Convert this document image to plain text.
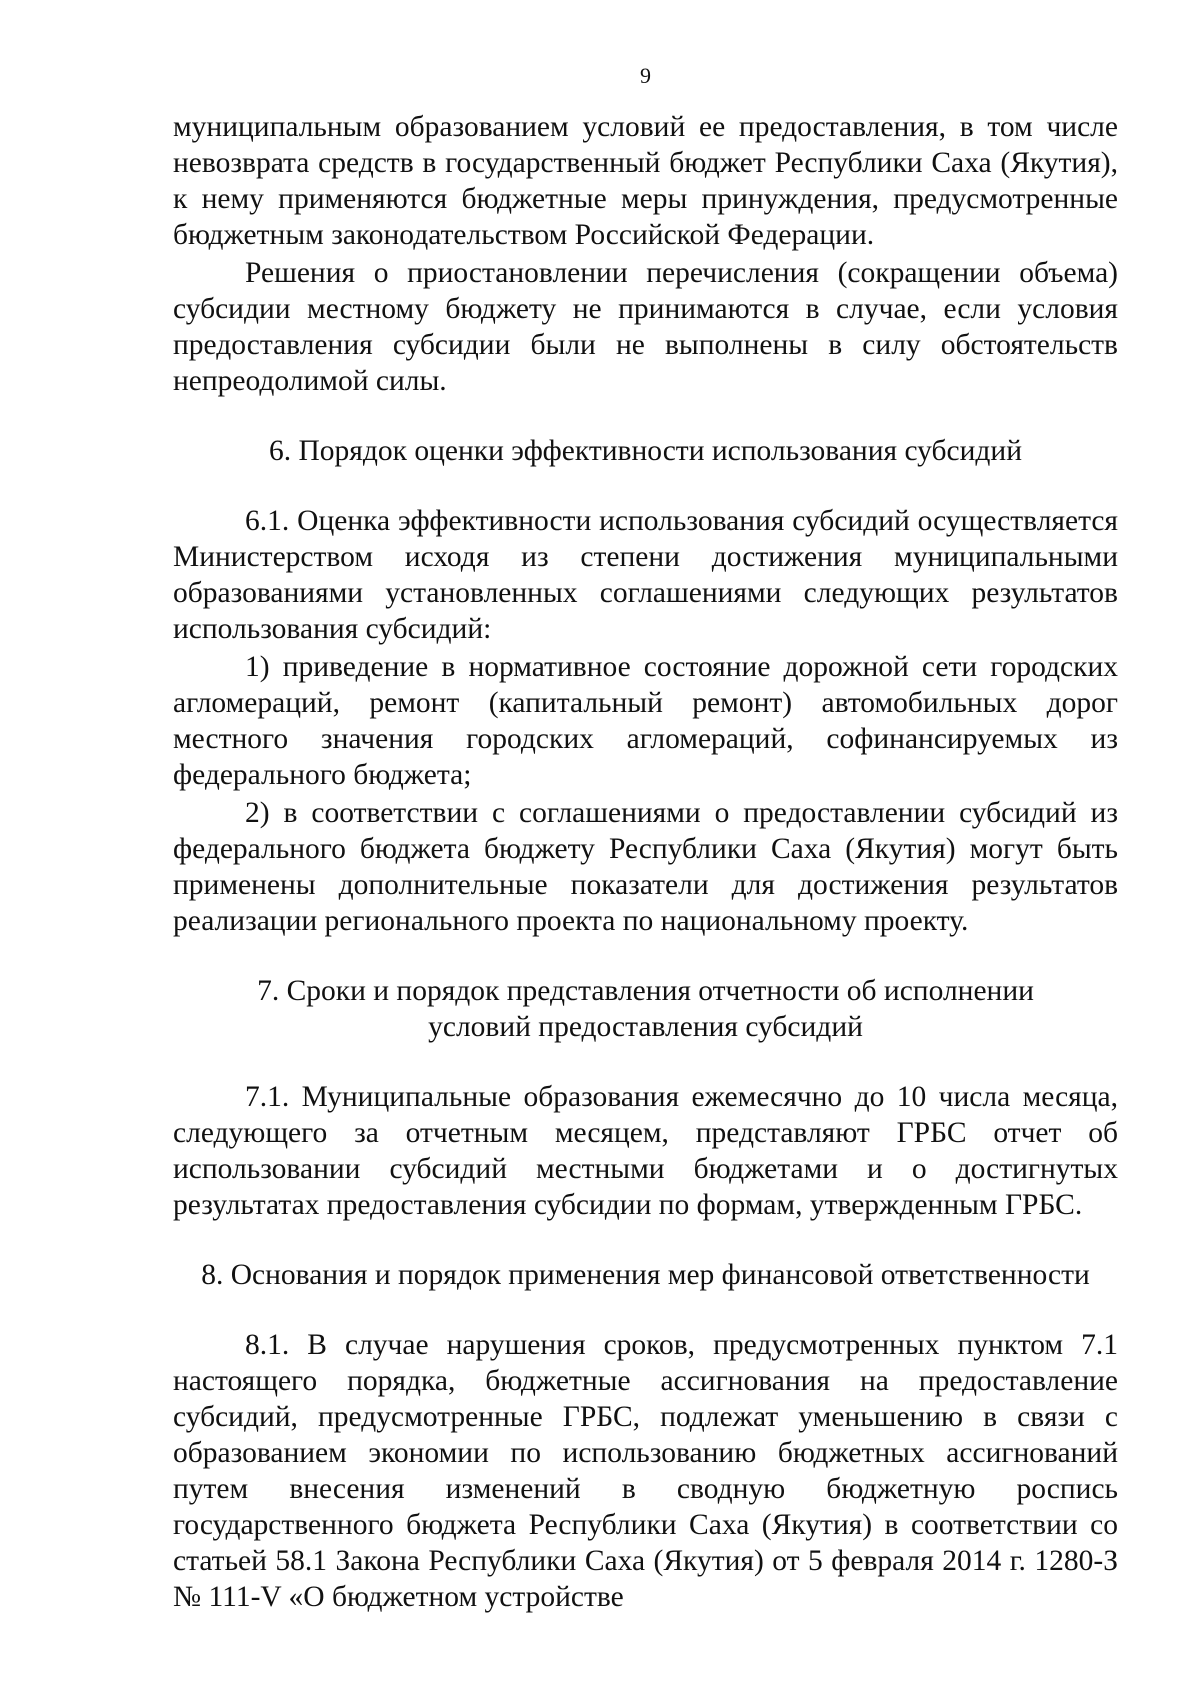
9

муниципальным образованием условий ее предоставления, в том числе невозврата средств в государственный бюджет Республики Саха (Якутия), к нему применяются бюджетные меры принуждения, предусмотренные бюджетным законодательством Российской Федерации.

Решения о приостановлении перечисления (сокращении объема) субсидии местному бюджету не принимаются в случае, если условия предоставления субсидии были не выполнены в силу обстоятельств непреодолимой силы.

6. Порядок оценки эффективности использования субсидий

6.1. Оценка эффективности использования субсидий осуществляется Министерством исходя из степени достижения муниципальными образованиями установленных соглашениями следующих результатов использования субсидий:

1) приведение в нормативное состояние дорожной сети городских агломераций, ремонт (капитальный ремонт) автомобильных дорог местного значения городских агломераций, софинансируемых из федерального бюджета;

2) в соответствии с соглашениями о предоставлении субсидий из федерального бюджета бюджету Республики Саха (Якутия) могут быть применены дополнительные показатели для достижения результатов реализации регионального проекта по национальному проекту.

7. Сроки и порядок представления отчетности об исполнении
условий предоставления субсидий

7.1. Муниципальные образования ежемесячно до 10 числа месяца, следующего за отчетным месяцем, представляют ГРБС отчет об использовании субсидий местными бюджетами и о достигнутых результатах предоставления субсидии по формам, утвержденным ГРБС.

8. Основания и порядок применения мер финансовой ответственности

8.1. В случае нарушения сроков, предусмотренных пунктом 7.1 настоящего порядка, бюджетные ассигнования на предоставление субсидий, предусмотренные ГРБС, подлежат уменьшению в связи с образованием экономии по использованию бюджетных ассигнований путем внесения изменений в сводную бюджетную роспись государственного бюджета Республики Саха (Якутия) в соответствии со статьей 58.1 Закона Республики Саха (Якутия) от 5 февраля 2014 г. 1280-З № 111-V «О бюджетном устройстве
